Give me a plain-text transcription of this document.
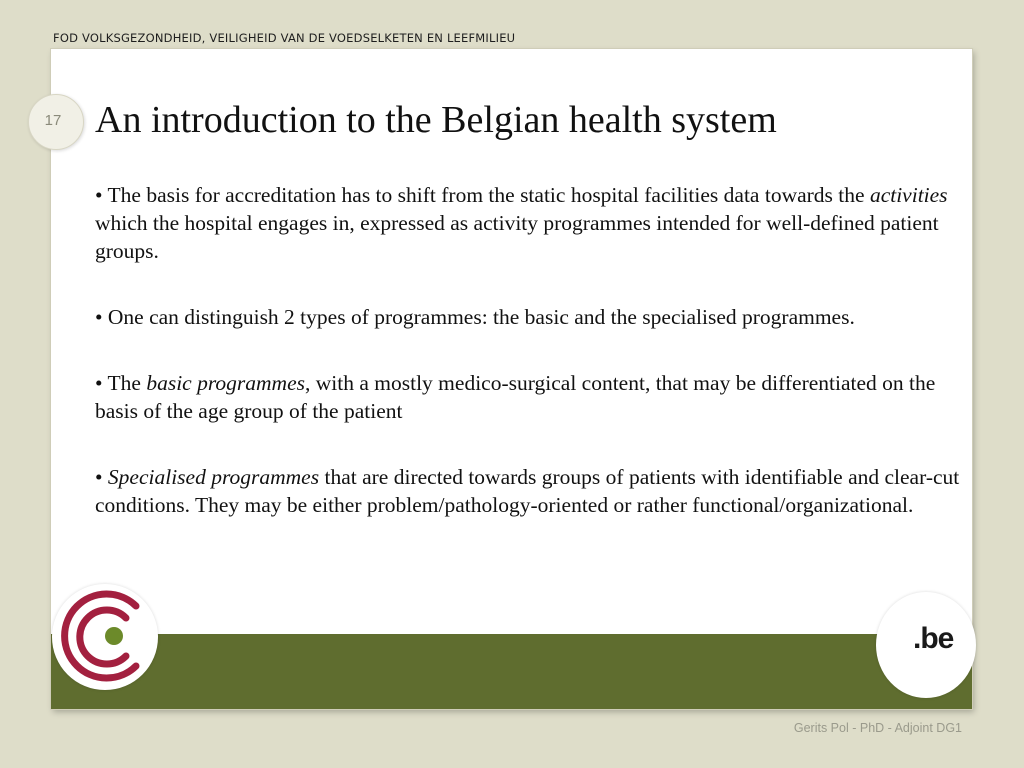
FOD VOLKSGEZONDHEID, VEILIGHEID VAN DE VOEDSELKETEN EN LEEFMILIEU
17 An introduction to the Belgian health system
• The basis for accreditation has to shift from the static hospital facilities data towards the activities which the hospital engages in, expressed as activity programmes intended for well-defined patient groups.
• One can distinguish 2 types of programmes: the basic and the specialised programmes.
• The basic programmes, with a mostly medico-surgical content, that may be differentiated on the basis of the age group of the patient
• Specialised programmes that are directed towards groups of patients with identifiable and clear-cut conditions. They may be either problem/pathology-oriented or rather functional/organizational.
.be
Gerits Pol - PhD - Adjoint DG1
